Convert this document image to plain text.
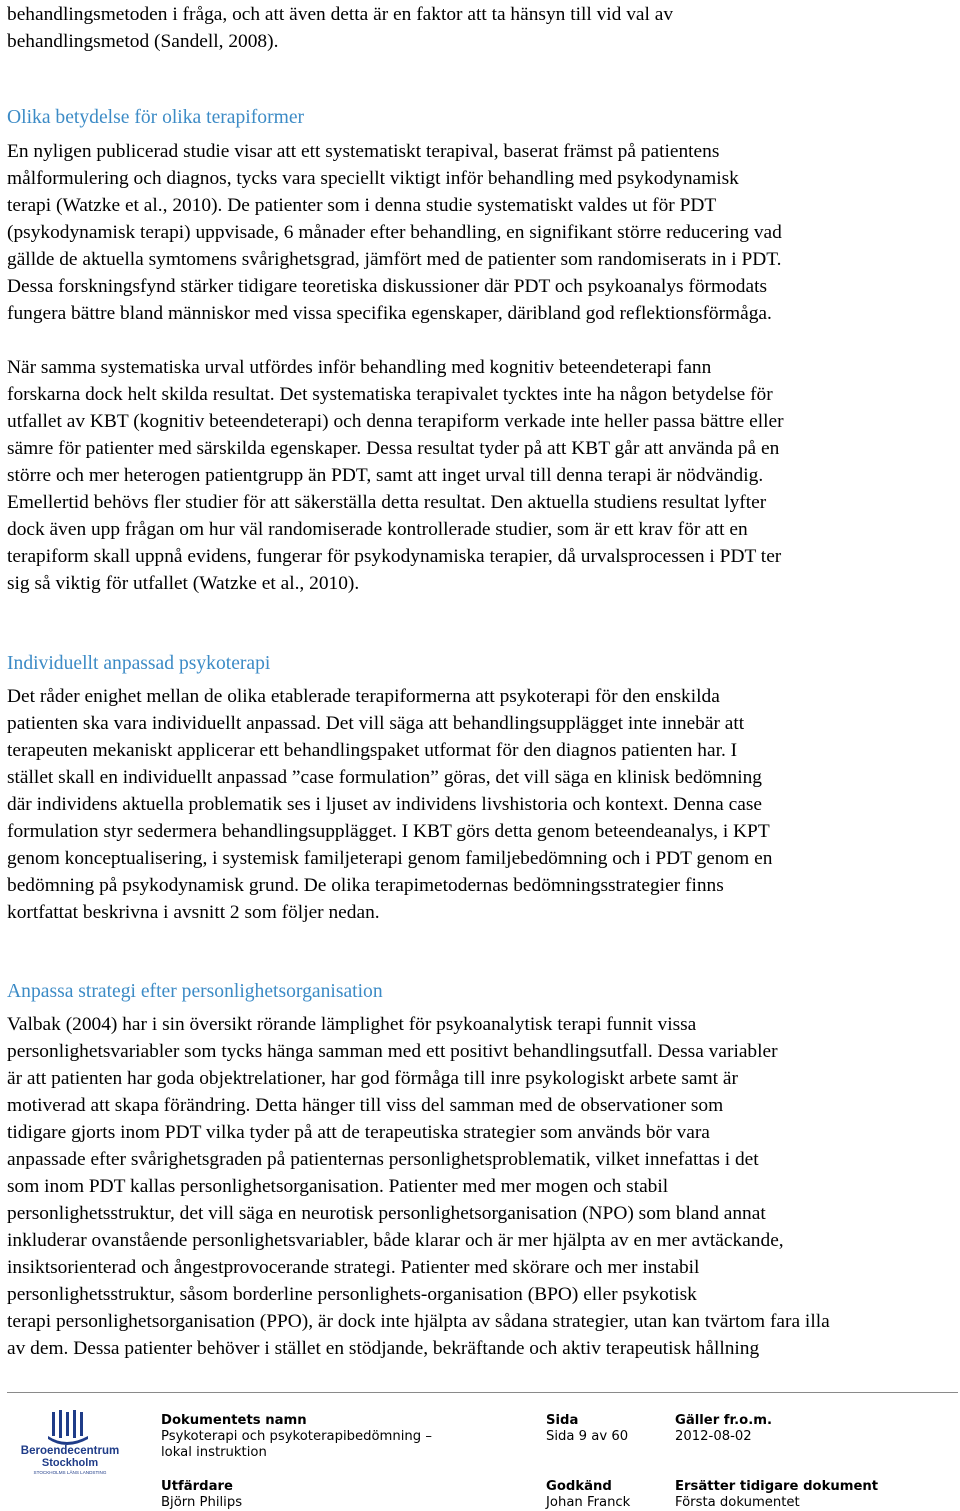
behandlingsmetoden i fråga, och att även detta är en faktor att ta hänsyn till vid val av
behandlingsmetod (Sandell, 2008).
Olika betydelse för olika terapiformer
En nyligen publicerad studie visar att ett systematiskt terapival, baserat främst på patientens
målformulering och diagnos, tycks vara speciellt viktigt inför behandling med psykodynamisk
terapi (Watzke et al., 2010). De patienter som i denna studie systematiskt valdes ut för PDT
(psykodynamisk terapi) uppvisade, 6 månader efter behandling, en signifikant större reducering vad
gällde de aktuella symtomens svårighetsgrad, jämfört med de patienter som randomiserats in i PDT.
Dessa forskningsfynd stärker tidigare teoretiska diskussioner där PDT och psykoanalys förmodats
fungera bättre bland människor med vissa specifika egenskaper, däribland god reflektionsförmåga.
När samma systematiska urval utfördes inför behandling med kognitiv beteendeterapi fann
forskarna dock helt skilda resultat. Det systematiska terapivalet tycktes inte ha någon betydelse för
utfallet av KBT (kognitiv beteendeterapi) och denna terapiform verkade inte heller passa bättre eller
sämre för patienter med särskilda egenskaper. Dessa resultat tyder på att KBT går att använda på en
större och mer heterogen patientgrupp än PDT, samt att inget urval till denna terapi är nödvändig.
Emellertid behövs fler studier för att säkerställa detta resultat. Den aktuella studiens resultat lyfter
dock även upp frågan om hur väl randomiserade kontrollerade studier, som är ett krav för att en
terapiform skall uppnå evidens, fungerar för psykodynamiska terapier, då urvalsprocessen i PDT ter
sig så viktig för utfallet (Watzke et al., 2010).
Individuellt anpassad psykoterapi
Det råder enighet mellan de olika etablerade terapiformerna att psykoterapi för den enskilda
patienten ska vara individuellt anpassad. Det vill säga att behandlingsupplägget inte innebär att
terapeuten mekaniskt applicerar ett behandlingspaket utformat för den diagnos patienten har. I
stället skall en individuellt anpassad ”case formulation” göras, det vill säga en klinisk bedömning
där individens aktuella problematik ses i ljuset av individens livshistoria och kontext. Denna case
formulation styr sedermera behandlingsupplägget. I KBT görs detta genom beteendeanalys, i KPT
genom konceptualisering, i systemisk familjeterapi genom familjebedömning och i PDT genom en
bedömning på psykodynamisk grund. De olika terapimetodernas bedömningsstrategier finns
kortfattat beskrivna i avsnitt 2 som följer nedan.
Anpassa strategi efter personlighetsorganisation
Valbak (2004) har i sin översikt rörande lämplighet för psykoanalytisk terapi funnit vissa
personlighetsvariabler som tycks hänga samman med ett positivt behandlingsutfall. Dessa variabler
är att patienten har goda objektrelationer, har god förmåga till inre psykologiskt arbete samt är
motiverad att skapa förändring. Detta hänger till viss del samman med de observationer som
tidigare gjorts inom PDT vilka tyder på att de terapeutiska strategier som används bör vara
anpassade efter svårighetsgraden på patienternas personlighetsproblematik, vilket innefattas i det
som inom PDT kallas personlighetsorganisation. Patienter med mer mogen och stabil
personlighetsstruktur, det vill säga en neurotisk personlighetsorganisation (NPO) som bland annat
inkluderar ovanstående personlighetsvariabler, både klarar och är mer hjälpta av en mer avtäckande,
insiktsorienterad och ångestprovocerande strategi. Patienter med skörare och mer instabil
personlighetsstruktur, såsom borderline personlighets-organisation (BPO) eller psykotisk
terapi personlighetsorganisation (PPO), är dock inte hjälpta av sådana strategier, utan kan tvärtom fara illa
av dem. Dessa patienter behöver i stället en stödjande, bekräftande och aktiv terapeutisk hållning
Beroendecentrum
Stockholm
STOCKHOLMS LÄNS LANDSTING
Dokumentets namn
Psykoterapi och psykoterapibedömning –
lokal instruktion
Sida
Sida 9 av 60
Gäller fr.o.m.
2012-08-02
Utfärdare
Björn Philips
Godkänd
Johan Franck
Ersätter tidigare dokument
Första dokumentet
